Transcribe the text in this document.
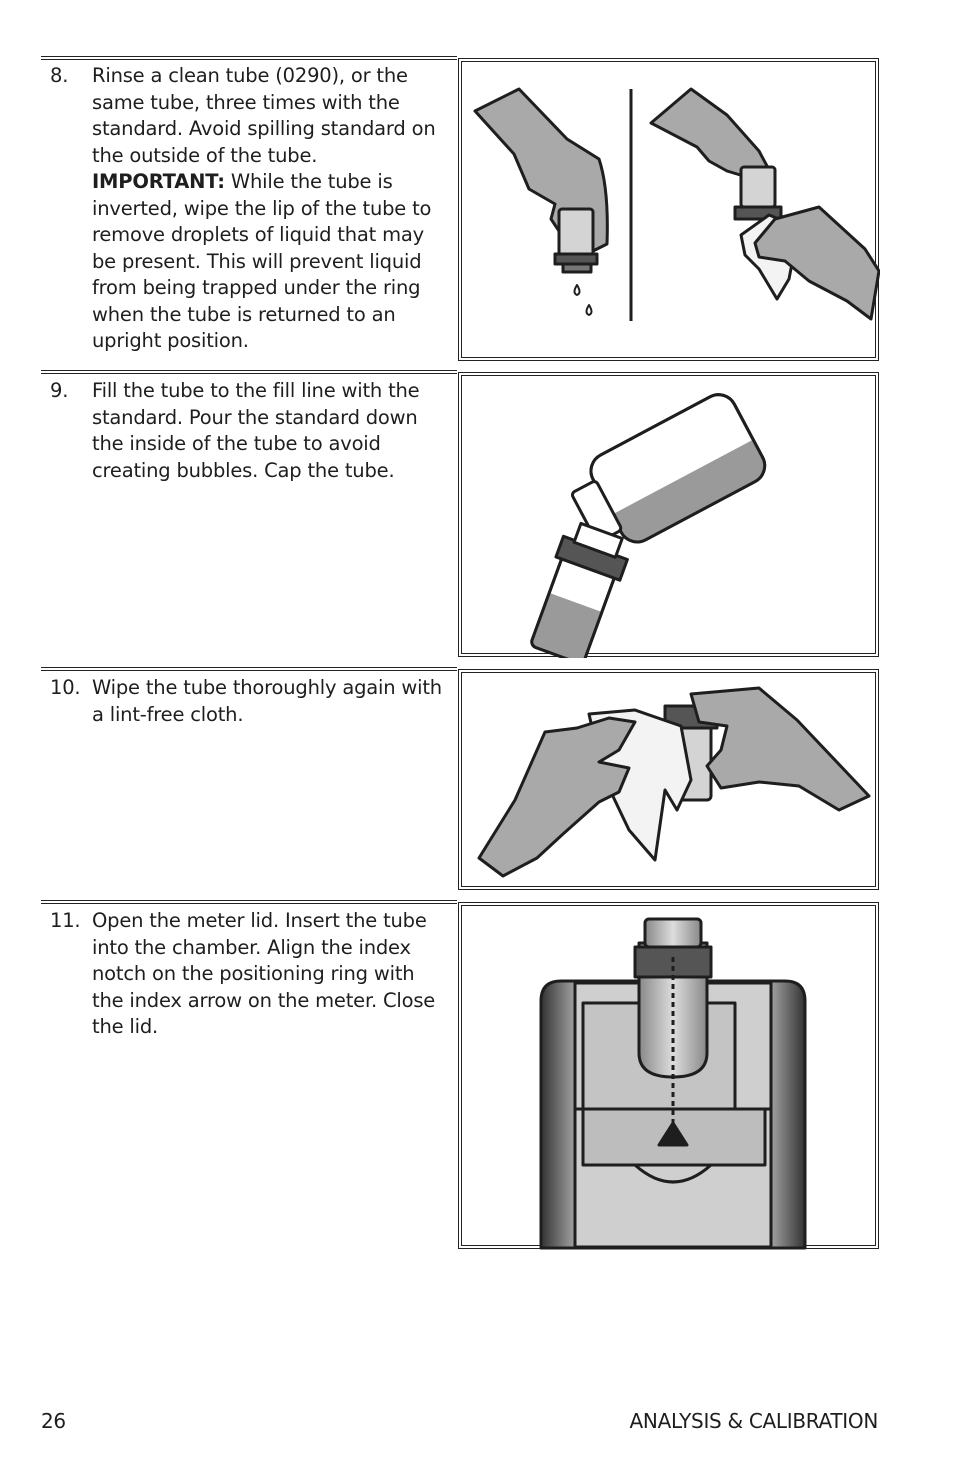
8. Rinse a clean tube (0290), or the same tube, three times with the standard. Avoid spilling standard on the outside of the tube. IMPORTANT: While the tube is inverted, wipe the lip of the tube to remove droplets of liquid that may be present. This will prevent liquid from being trapped under the ring when the tube is returned to an upright position.
9. Fill the tube to the fill line with the standard. Pour the standard down the inside of the tube to avoid creating bubbles. Cap the tube.
10. Wipe the tube thoroughly again with a lint-free cloth.
11. Open the meter lid. Insert the tube into the chamber. Align the index notch on the positioning ring with the index arrow on the meter. Close the lid.
26	ANALYSIS & CALIBRATION
